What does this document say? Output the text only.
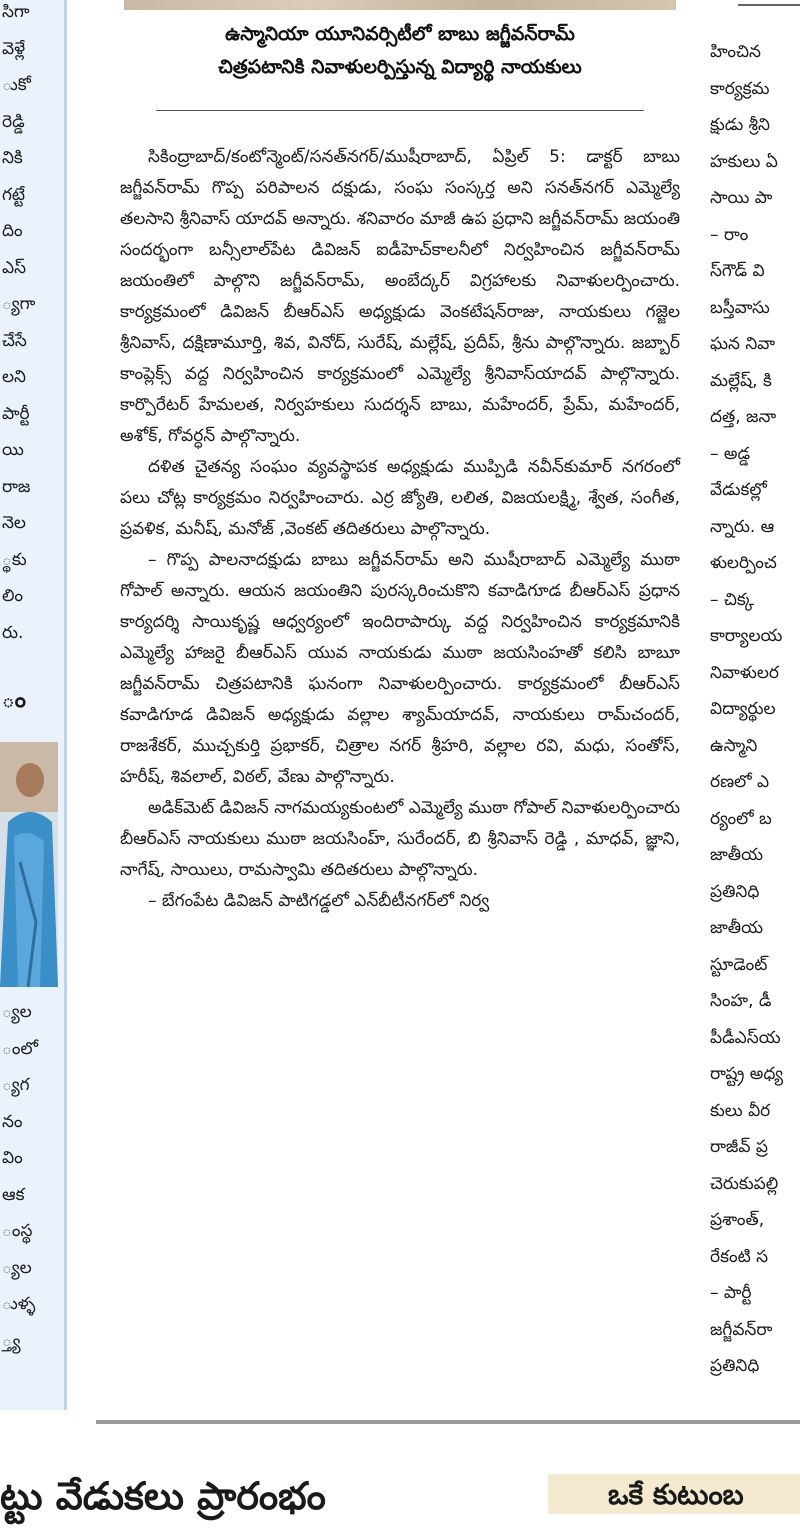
సిగా
వెళ్లే
ుకో
రెడ్డి
నికి
గట్టే
దిం
ఎస్
్యగా
చేసే
లని
పార్టీ
యి
రాజ
నెల
్థకు
లిం
రు.
ం
్యల
ంలో
్యగ
నం
విం
ఆక
ంస్థ
్యల
ుళ్ళ
్త్య
ఉస్మానియా యూనివర్సిటీలో బాబు జగ్జీవన్‌రామ్
చిత్రపటానికి నివాళులర్పిస్తున్న విద్యార్థి నాయకులు

సికింద్రాబాద్/కంటోన్మెంట్/సనత్‌నగర్/ముషీరాబాద్, ఏప్రిల్ 5: డాక్టర్ బాబు జగ్జీవన్‌రామ్ గొప్ప పరిపాలన దక్షుడు, సంఘ సంస్కర్త అని సనత్‌నగర్ ఎమ్మెల్యే తలసాని శ్రీనివాస్ యాదవ్ అన్నారు. శనివారం మాజీ ఉప ప్రధాని జగ్జీవన్‌రామ్ జయంతి సందర్భంగా బన్సీలాల్‌పేట డివిజన్ ఐడీహెచ్‌కాలనీలో నిర్వహించిన జగ్జీవన్‌రామ్ జయంతిలో పాల్గొని జగ్జీవన్‌రామ్, అంబేద్కర్ విగ్రహాలకు నివాళులర్పించారు. కార్యక్రమంలో డివిజన్ బీఆర్ఎస్ అధ్యక్షుడు వెంకటేషన్‌రాజు, నాయకులు గజ్జెల శ్రీనివాస్, దక్షిణామూర్తి, శివ, వినోద్, సురేష్, మల్లేష్, ప్రదీప్, శ్రీను పాల్గొన్నారు. జబ్బార్ కాంప్లెక్స్ వద్ద నిర్వహించిన కార్యక్రమంలో ఎమ్మెల్యే శ్రీనివాస్‌యాదవ్ పాల్గొన్నారు. కార్పొరేటర్ హేమలత, నిర్వహకులు సుదర్శన్ బాబు, మహేందర్, ప్రేమ్, మహేందర్, అశోక్, గోవర్ధన్ పాల్గొన్నారు.

దళిత చైతన్య సంఘం వ్యవస్థాపక అధ్యక్షుడు ముప్పిడి నవీన్‌కుమార్ నగరంలో పలు చోట్ల కార్యక్రమం నిర్వహించారు. ఎర్ర జ్యోతి, లలిత, విజయలక్ష్మి, శ్వేత, సంగీత, ప్రవళిక, మనీష్, మనోజ్ ,వెంకట్ తదితరులు పాల్గొన్నారు.

– గొప్ప పాలనాదక్షుడు బాబు జగ్జీవన్‌రామ్ అని ముషీరాబాద్ ఎమ్మెల్యే ముఠా గోపాల్ అన్నారు. ఆయన జయంతిని పురస్కరించుకొని కవాడిగూడ బీఆర్ఎస్ ప్రధాన కార్యదర్శి సాయికృష్ణ ఆధ్వర్యంలో ఇందిరాపార్కు వద్ద నిర్వహించిన కార్యక్రమానికి ఎమ్మెల్యే హాజరై బీఆర్ఎస్ యువ నాయకుడు ముఠా జయసింహతో కలిసి బాబూ జగ్జీవన్‌రామ్ చిత్రపటానికి ఘనంగా నివాళులర్పించారు. కార్యక్రమంలో బీఆర్ఎస్ కవాడిగూడ డివిజన్ అధ్యక్షుడు వల్లాల శ్యామ్‌యాదవ్, నాయకులు రామ్‌చందర్, రాజశేకర్, ముచ్చకుర్తి ప్రభాకర్, చిత్రాల నగర్ శ్రీహరి, వల్లాల రవి, మధు, సంతోస్, హరీష్, శివలాల్, విఠల్, వేణు పాల్గొన్నారు.

అడిక్‌మెట్ డివిజన్ నాగమయ్యకుంటలో ఎమ్మెల్యే ముఠా గోపాల్ నివాళులర్పించారు బీఆర్ఎస్ నాయకులు ముఠా జయసింహ్, సురేందర్, బి శ్రీనివాస్ రెడ్డి , మాధవ్, జ్ఞాని, నాగేష్, సాయిలు, రామస్వామి తదితరులు పాల్గొన్నారు.

– బేగంపేట డివిజన్ పాటిగడ్డలో ఎన్‌బీటీనగర్‌లో నిర్వ

హించిన
కార్యక్రమ
క్షుడు శ్రీని
హకులు ఏ
సాయి పా
– రాం
స్‌గౌడ్ వి
బస్తీవాసు
ఘన నివా
మల్లేష్, కి
దత్త, జనా
– అడ్డ
వేడుకల్లో
న్నారు. ఆ
ళులర్పించ
– చిక్క
కార్యాలయ
నివాళులర
విద్యార్థుల
ఉస్మాని
రణలో ఎ
ర్యంలో బ
జాతీయ
ప్రతినిధి
జాతీయ
స్టూడెంట్
సింహ, డీ
పీడీఎస్‌య
రాష్ట్ర అధ్య
కులు వీర
రాజీవ్ ప్ర
చెరుకుపల్లి
ప్రశాంత్,
రేకంటి స
– పార్టీ
జగ్జీవన్‌రా
ప్రతినిధి
ట్టు వేడుకలు ప్రారంభం	ఒకే కుటుంబ
